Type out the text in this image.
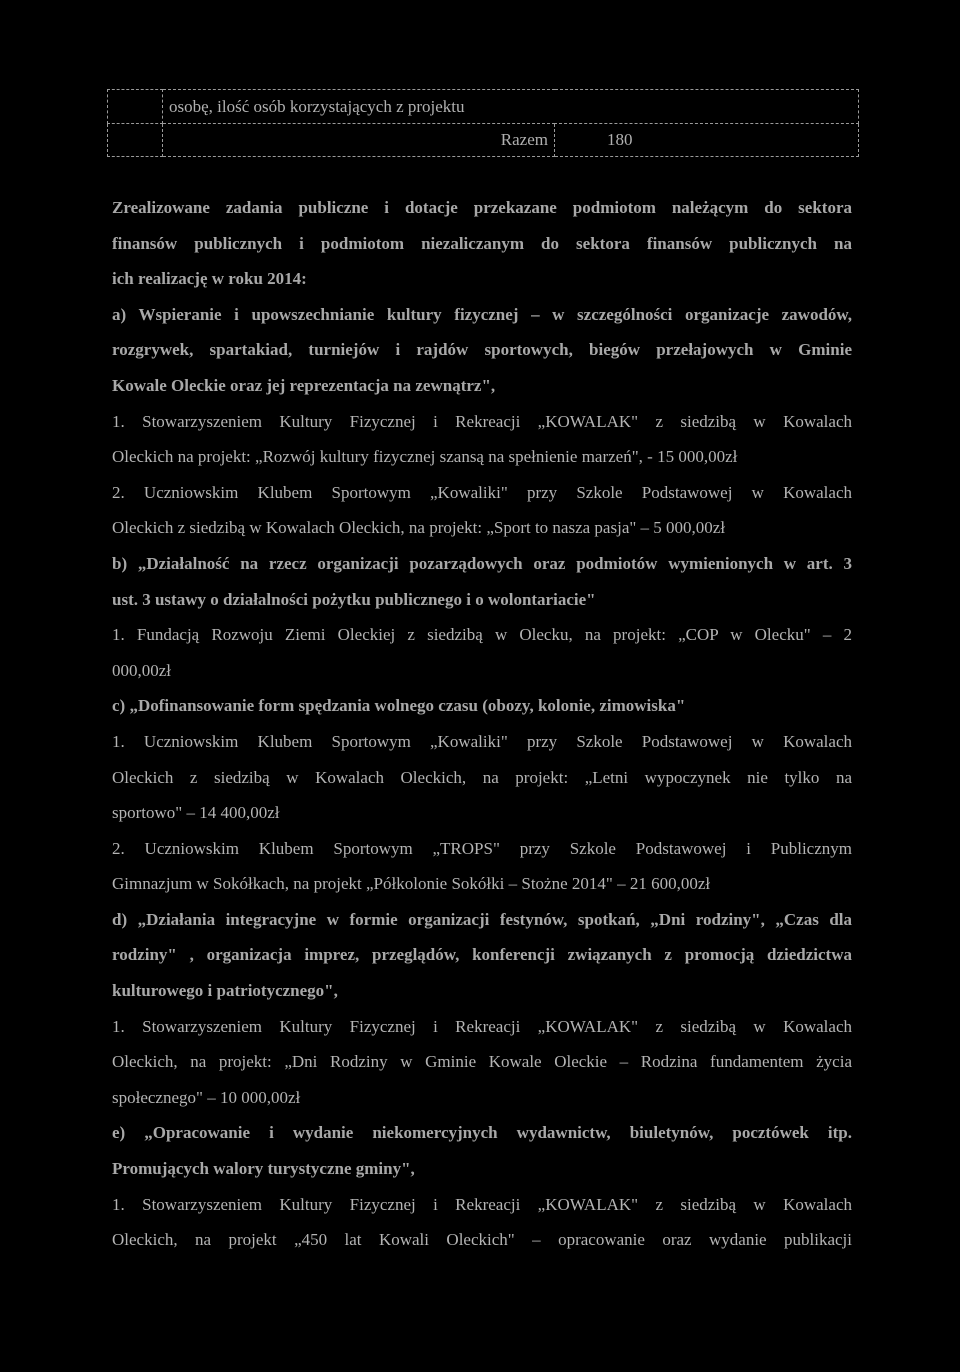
	osobę, ilość osób korzystających z projektu	
	Razem	180
Zrealizowane zadania publiczne i dotacje przekazane podmiotom należącym do sektora
finansów publicznych i podmiotom niezaliczanym do sektora finansów publicznych na
ich realizację w roku 2014:
a) Wspieranie i upowszechnianie kultury fizycznej – w szczególności organizacje zawodów,
rozgrywek, spartakiad, turniejów i rajdów sportowych, biegów przełajowych w Gminie
Kowale Oleckie oraz jej reprezentacja na zewnątrz",
1. Stowarzyszeniem Kultury Fizycznej i Rekreacji „KOWALAK" z siedzibą w Kowalach
Oleckich na projekt: „Rozwój kultury fizycznej szansą na spełnienie marzeń", - 15 000,00zł
2. Uczniowskim Klubem Sportowym „Kowaliki" przy Szkole Podstawowej w Kowalach
Oleckich z siedzibą w Kowalach Oleckich, na projekt: „Sport to nasza pasja" – 5 000,00zł
b) „Działalność na rzecz organizacji pozarządowych oraz podmiotów wymienionych w art. 3
ust. 3 ustawy o działalności pożytku publicznego i o wolontariacie"
1. Fundacją Rozwoju Ziemi Oleckiej z siedzibą w Olecku, na projekt: „COP w Olecku" – 2
000,00zł
c) „Dofinansowanie form spędzania wolnego czasu (obozy, kolonie, zimowiska"
1. Uczniowskim Klubem Sportowym „Kowaliki" przy Szkole Podstawowej w Kowalach
Oleckich z siedzibą w Kowalach Oleckich, na projekt: „Letni wypoczynek nie tylko na
sportowo" – 14 400,00zł
2. Uczniowskim Klubem Sportowym „TROPS" przy Szkole Podstawowej i Publicznym
Gimnazjum w Sokółkach, na projekt „Półkolonie Sokółki – Stożne 2014" – 21 600,00zł
d) „Działania integracyjne w formie organizacji festynów, spotkań, „Dni rodziny", „Czas dla
rodziny" , organizacja imprez, przeglądów, konferencji związanych z promocją dziedzictwa
kulturowego i patriotycznego",
1. Stowarzyszeniem Kultury Fizycznej i Rekreacji „KOWALAK" z siedzibą w Kowalach
Oleckich, na projekt: „Dni Rodziny w Gminie Kowale Oleckie – Rodzina fundamentem życia
społecznego" – 10 000,00zł
e) „Opracowanie i wydanie niekomercyjnych wydawnictw, biuletynów, pocztówek itp.
Promujących walory turystyczne gminy",
1. Stowarzyszeniem Kultury Fizycznej i Rekreacji „KOWALAK" z siedzibą w Kowalach
Oleckich, na projekt „450 lat Kowali Oleckich" – opracowanie oraz wydanie publikacji
